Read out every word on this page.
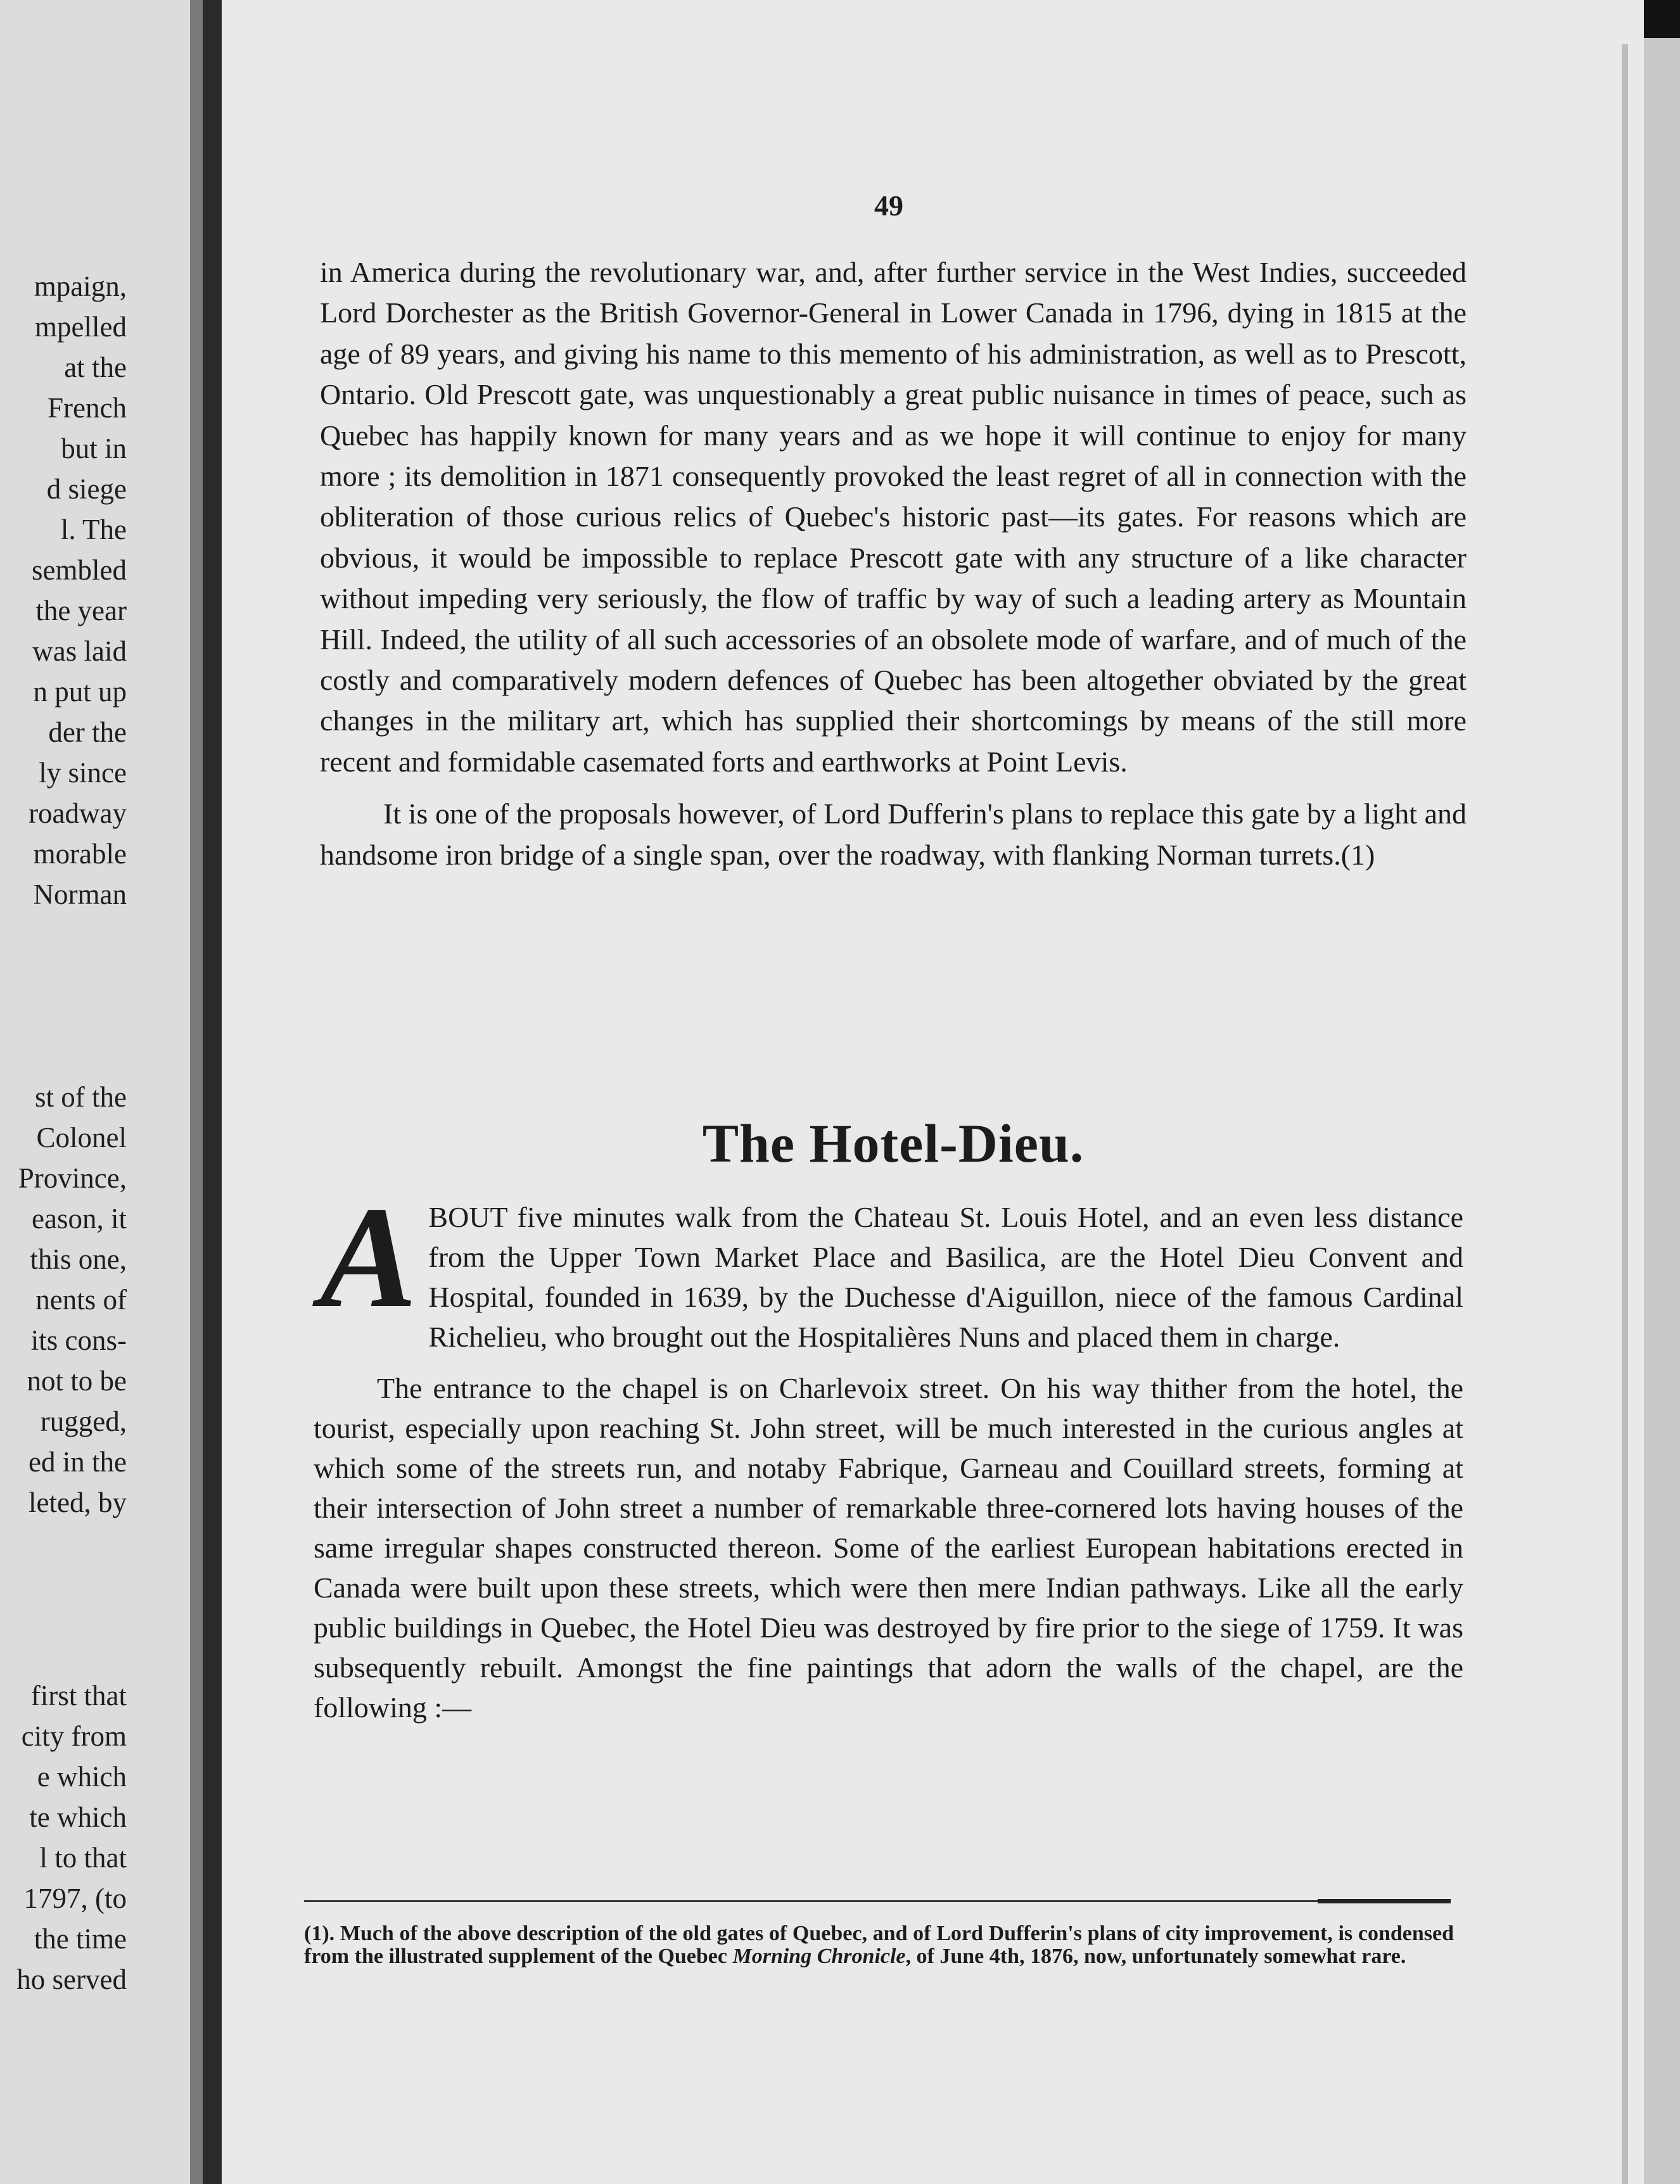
mpaign,
mpelled
at the
French
but in
d siege
l. The
sembled
the year
was laid
n put up
der the
ly since
roadway
morable
Norman
st of the
Colonel
Province,
eason, it
this one,
nents of
its cons-
not to be
rugged,
ed in the
leted, by
first that
city from
e which
te which
l to that
1797, (to
the time
ho served
49

in America during the revolutionary war, and, after further service in the West Indies, succeeded Lord Dorchester as the British Governor-General in Lower Canada in 1796, dying in 1815 at the age of 89 years, and giving his name to this memento of his administration, as well as to Prescott, Ontario. Old Prescott gate, was unquestionably a great public nuisance in times of peace, such as Quebec has happily known for many years and as we hope it will continue to enjoy for many more ; its demolition in 1871 consequently provoked the least regret of all in connection with the obliteration of those curious relics of Quebec's historic past—its gates. For reasons which are obvious, it would be impossible to replace Prescott gate with any structure of a like character without impeding very seriously, the flow of traffic by way of such a leading artery as Mountain Hill. Indeed, the utility of all such accessories of an obsolete mode of warfare, and of much of the costly and comparatively modern defences of Quebec has been altogether obviated by the great changes in the military art, which has supplied their shortcomings by means of the still more recent and formidable casemated forts and earthworks at Point Levis.

It is one of the proposals however, of Lord Dufferin's plans to replace this gate by a light and handsome iron bridge of a single span, over the roadway, with flanking Norman turrets.(1)

The Hotel-Dieu.

ABOUT five minutes walk from the Chateau St. Louis Hotel, and an even less distance from the Upper Town Market Place and Basilica, are the Hotel Dieu Convent and Hospital, founded in 1639, by the Duchesse d'Aiguillon, niece of the famous Cardinal Richelieu, who brought out the Hospitalières Nuns and placed them in charge.

The entrance to the chapel is on Charlevoix street. On his way thither from the hotel, the tourist, especially upon reaching St. John street, will be much interested in the curious angles at which some of the streets run, and notaby Fabrique, Garneau and Couillard streets, forming at their intersection of John street a number of remarkable three-cornered lots having houses of the same irregular shapes constructed thereon. Some of the earliest European habitations erected in Canada were built upon these streets, which were then mere Indian pathways. Like all the early public buildings in Quebec, the Hotel Dieu was destroyed by fire prior to the siege of 1759. It was subsequently rebuilt. Amongst the fine paintings that adorn the walls of the chapel, are the following :—

(1). Much of the above description of the old gates of Quebec, and of Lord Dufferin's plans of city improvement, is condensed from the illustrated supplement of the Quebec Morning Chronicle, of June 4th, 1876, now, unfortunately somewhat rare.
